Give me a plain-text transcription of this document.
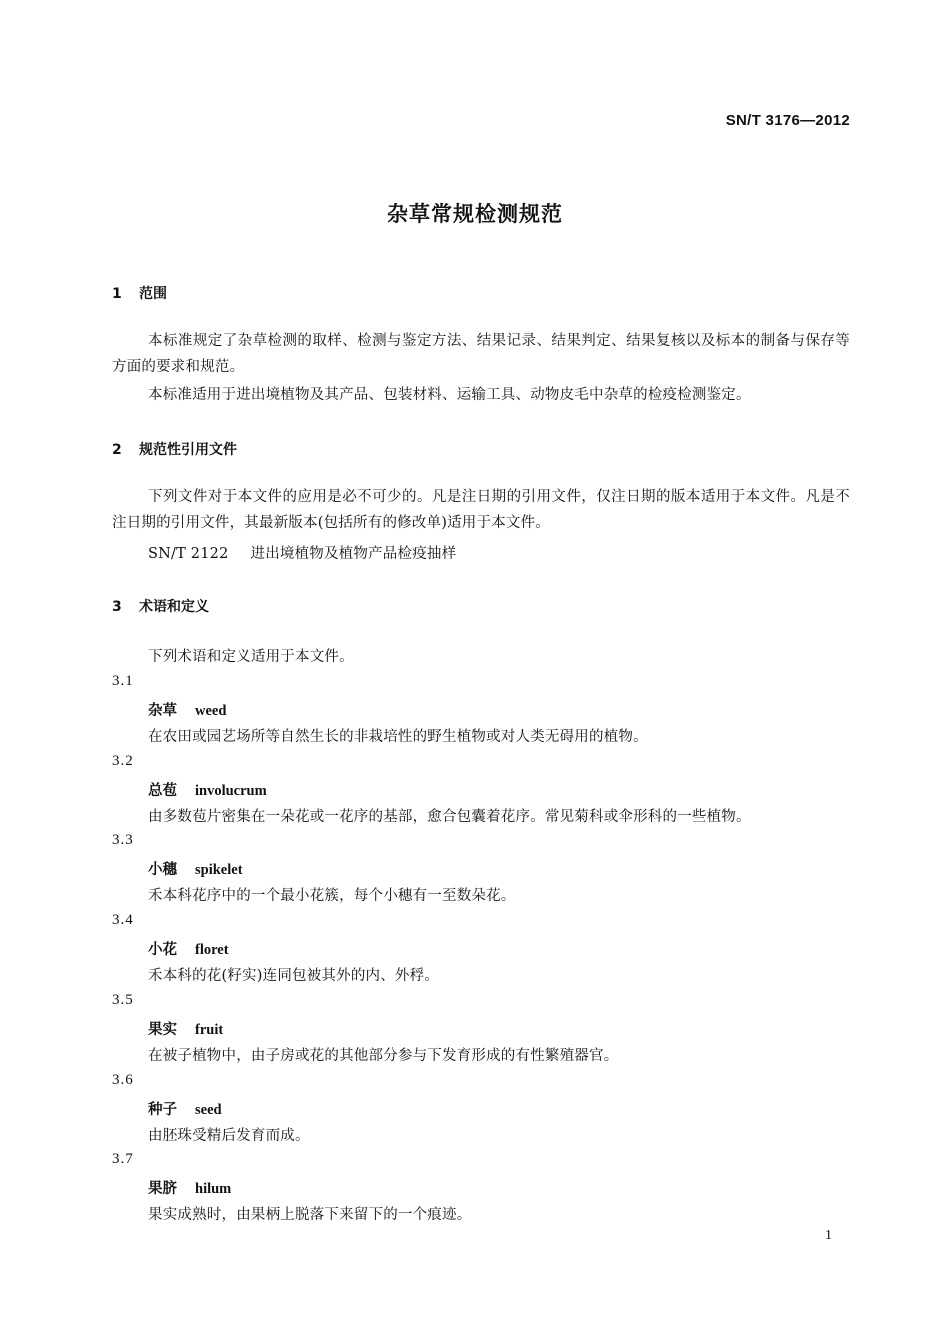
SN/T 3176—2012
杂草常规检测规范
1 范围
本标准规定了杂草检测的取样、检测与鉴定方法、结果记录、结果判定、结果复核以及标本的制备与保存等方面的要求和规范。
本标准适用于进出境植物及其产品、包装材料、运输工具、动物皮毛中杂草的检疫检测鉴定。
2 规范性引用文件
下列文件对于本文件的应用是必不可少的。凡是注日期的引用文件，仅注日期的版本适用于本文件。凡是不注日期的引用文件，其最新版本(包括所有的修改单)适用于本文件。
SN/T 2122 进出境植物及植物产品检疫抽样
3 术语和定义
下列术语和定义适用于本文件。
3.1
杂草 weed
在农田或园艺场所等自然生长的非栽培性的野生植物或对人类无碍用的植物。
3.2
总苞 involucrum
由多数苞片密集在一朵花或一花序的基部，愈合包囊着花序。常见菊科或伞形科的一些植物。
3.3
小穗 spikelet
禾本科花序中的一个最小花簇，每个小穗有一至数朵花。
3.4
小花 floret
禾本科的花(籽实)连同包被其外的内、外稃。
3.5
果实 fruit
在被子植物中，由子房或花的其他部分参与下发育形成的有性繁殖器官。
3.6
种子 seed
由胚珠受精后发育而成。
3.7
果脐 hilum
果实成熟时，由果柄上脱落下来留下的一个痕迹。
1
